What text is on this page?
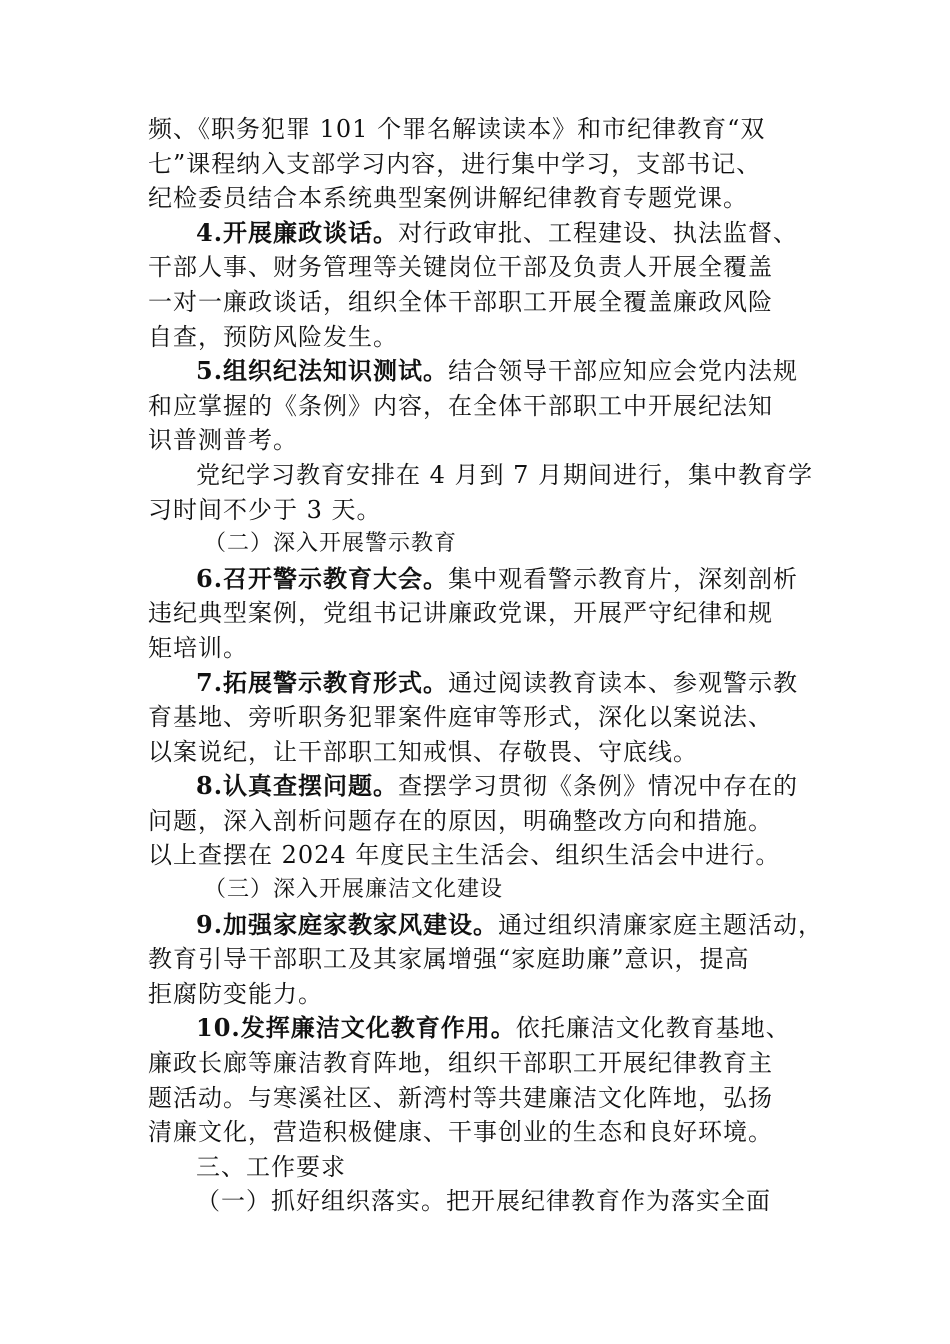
频、《职务犯罪 101 个罪名解读读本》和市纪律教育“双
七”课程纳入支部学习内容，进行集中学习，支部书记、
纪检委员结合本系统典型案例讲解纪律教育专题党课。

4.开展廉政谈话。对行政审批、工程建设、执法监督、
干部人事、财务管理等关键岗位干部及负责人开展全覆盖
一对一廉政谈话，组织全体干部职工开展全覆盖廉政风险
自查，预防风险发生。

5.组织纪法知识测试。结合领导干部应知应会党内法规
和应掌握的《条例》内容，在全体干部职工中开展纪法知
识普测普考。

党纪学习教育安排在 4 月到 7 月期间进行，集中教育学
习时间不少于 3 天。

（二）深入开展警示教育

6.召开警示教育大会。集中观看警示教育片，深刻剖析
违纪典型案例，党组书记讲廉政党课，开展严守纪律和规
矩培训。

7.拓展警示教育形式。通过阅读教育读本、参观警示教
育基地、旁听职务犯罪案件庭审等形式，深化以案说法、
以案说纪，让干部职工知戒惧、存敬畏、守底线。

8.认真查摆问题。查摆学习贯彻《条例》情况中存在的
问题，深入剖析问题存在的原因，明确整改方向和措施。
以上查摆在 2024 年度民主生活会、组织生活会中进行。

（三）深入开展廉洁文化建设

9.加强家庭家教家风建设。通过组织清廉家庭主题活动，
教育引导干部职工及其家属增强“家庭助廉”意识，提高
拒腐防变能力。

10.发挥廉洁文化教育作用。依托廉洁文化教育基地、
廉政长廊等廉洁教育阵地，组织干部职工开展纪律教育主
题活动。与寒溪社区、新湾村等共建廉洁文化阵地，弘扬
清廉文化，营造积极健康、干事创业的生态和良好环境。

三、工作要求

（一）抓好组织落实。把开展纪律教育作为落实全面
